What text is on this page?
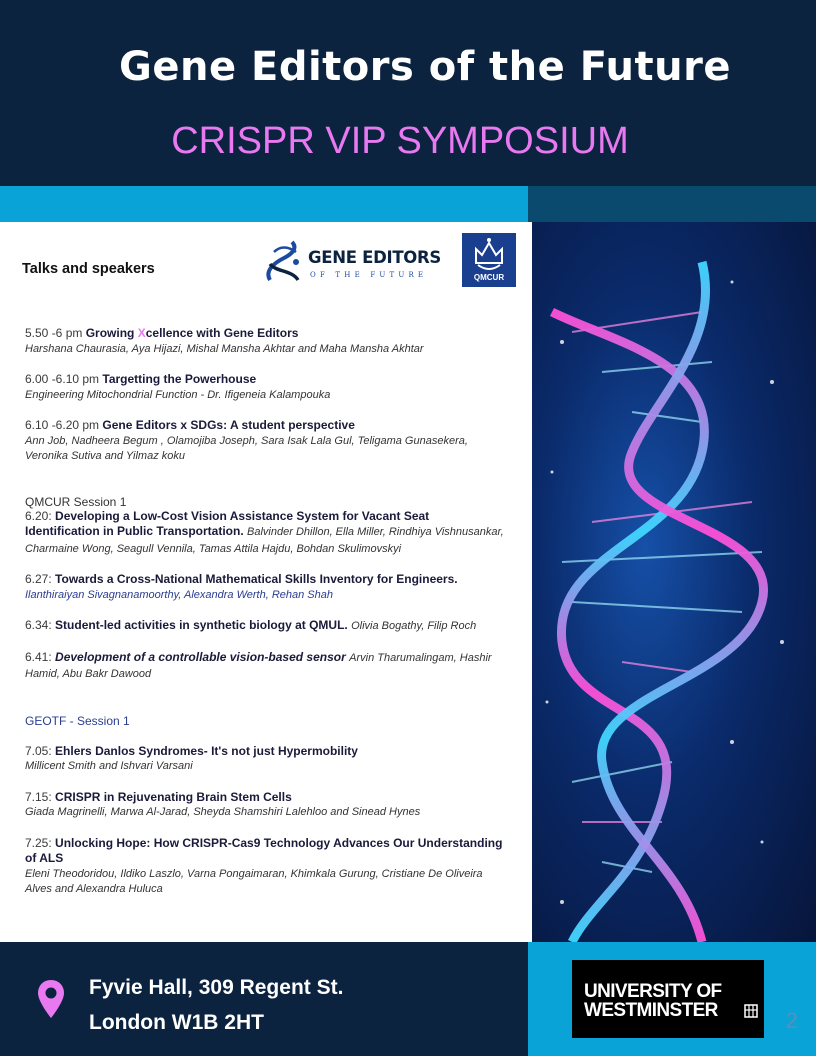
Gene Editors of the Future
CRISPR VIP SYMPOSIUM
Talks and speakers
GENE EDITORS
OF THE FUTURE	QMCUR
5.50 -6 pm Growing Xcellence with Gene Editors
Harshana Chaurasia, Aya Hijazi, Mishal Mansha Akhtar and Maha Mansha Akhtar
6.00 -6.10 pm Targetting the Powerhouse
Engineering Mitochondrial Function - Dr. Ifigeneia Kalampouka
6.10 -6.20 pm Gene Editors x SDGs: A student perspective
Ann Job, Nadheera Begum , Olamojiba Joseph, Sara Isak Lala Gul, Teligama Gunasekera, Veronika Sutiva and Yilmaz koku
QMCUR Session 1
6.20: Developing a Low-Cost Vision Assistance System for Vacant Seat Identification in Public Transportation. Balvinder Dhillon, Ella Miller, Rindhiya Vishnusankar, Charmaine Wong, Seagull Vennila, Tamas Attila Hajdu, Bohdan Skulimovskyi
6.27: Towards a Cross-National Mathematical Skills Inventory for Engineers.
Ilanthiraiyan Sivagnanamoorthy, Alexandra Werth, Rehan Shah
6.34: Student-led activities in synthetic biology at QMUL. Olivia Bogathy, Filip Roch
6.41: Development of a controllable vision-based sensor Arvin Tharumalingam, Hashir Hamid, Abu Bakr Dawood
GEOTF - Session 1
7.05: Ehlers Danlos Syndromes- It's not just Hypermobility
Millicent Smith and Ishvari Varsani
7.15: CRISPR in Rejuvenating Brain Stem Cells
Giada Magrinelli, Marwa Al-Jarad, Sheyda Shamshiri Lalehloo and Sinead Hynes
7.25: Unlocking Hope: How CRISPR-Cas9 Technology Advances Our Understanding of ALS
Eleni Theodoridou, Ildiko Laszlo, Varna Pongaimaran, Khimkala Gurung, Cristiane De Oliveira Alves and Alexandra Huluca
Fyvie Hall, 309 Regent St.
London W1B 2HT
UNIVERSITY OF
WESTMINSTER	2
